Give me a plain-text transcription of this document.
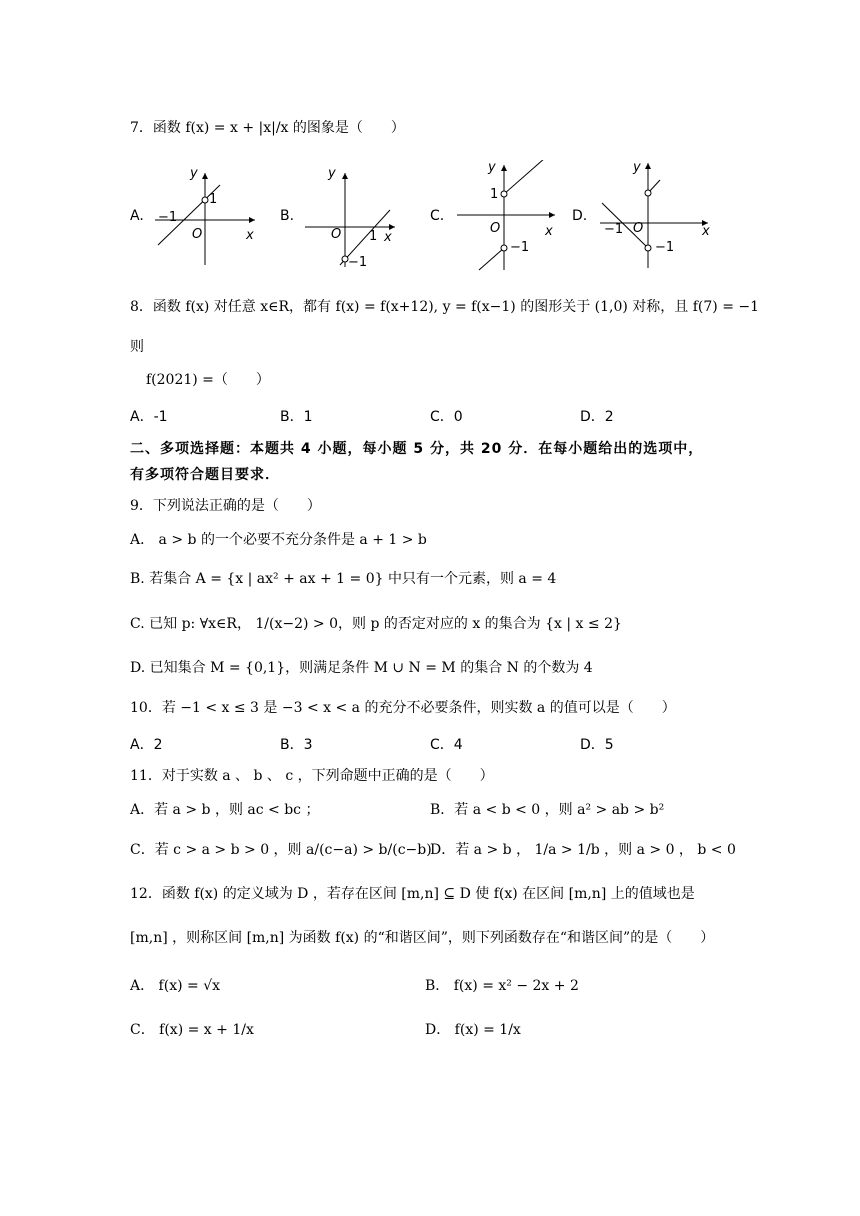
7．函数 f(x) = x + |x|/x 的图象是（　　）
A.
y
x
O
−1
1
B.
y
x
O 1
−1
C.
y
x
O
1
−1
D.
y
x
O
−1
−1
8．函数 f(x) 对任意 x∈R，都有 f(x) = f(x+12), y = f(x−1) 的图形关于 (1,0) 对称，且 f(7) = −1
则
f(2021) =（　　）
A．-1	B．1	C．0	D．2
二、多项选择题：本题共 4 小题，每小题 5 分，共 20 分．在每小题给出的选项中，
有多项符合题目要求．
9．下列说法正确的是（　　）
A． a > b 的一个必要不充分条件是 a + 1 > b
B. 若集合 A = {x | ax² + ax + 1 = 0} 中只有一个元素，则 a = 4
C. 已知 p: ∀x∈R， 1/(x−2) > 0，则 p 的否定对应的 x 的集合为 {x | x ≤ 2}
D. 已知集合 M = {0,1}，则满足条件 M ∪ N = M 的集合 N 的个数为 4
10．若 −1 < x ≤ 3 是 −3 < x < a 的充分不必要条件，则实数 a 的值可以是（　　）
A．2	B．3	C．4	D．5
11．对于实数 a 、 b 、 c ，下列命题中正确的是（　　）
A．若 a > b ，则 ac < bc ；	B．若 a < b < 0 ，则 a² > ab > b²
C．若 c > a > b > 0 ，则 a/(c−a) > b/(c−b)
D．若 a > b ， 1/a > 1/b ，则 a > 0 ， b < 0
12．函数 f(x) 的定义域为 D ，若存在区间 [m,n] ⊆ D 使 f(x) 在区间 [m,n] 上的值域也是
[m,n] ，则称区间 [m,n] 为函数 f(x) 的“和谐区间”，则下列函数存在“和谐区间”的是（　　）
A． f(x) = √x	B． f(x) = x² − 2x + 2
C． f(x) = x + 1/x	D． f(x) = 1/x
